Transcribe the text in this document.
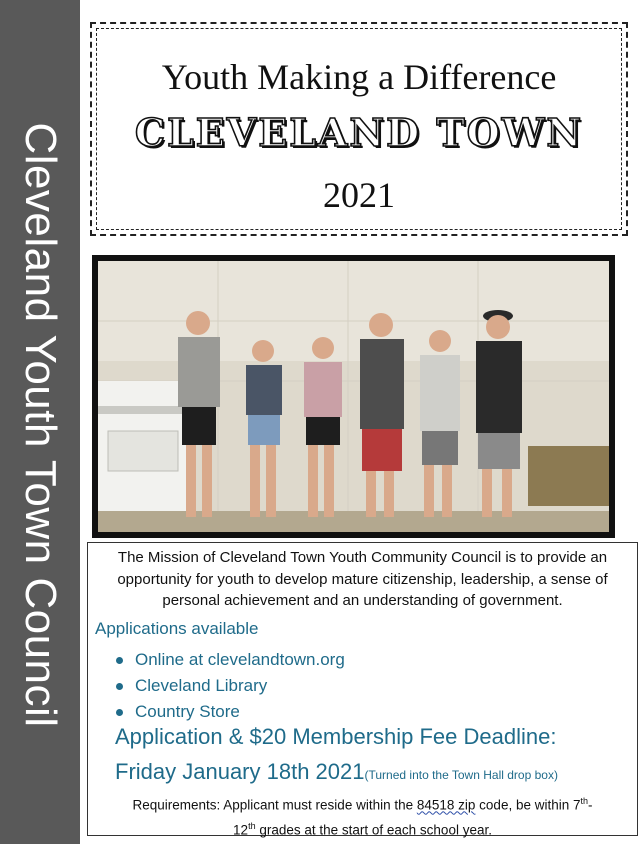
Cleveland Youth Town Council
Youth Making a Difference
CLEVELAND TOWN
2021
The Mission of Cleveland Town Youth Community Council is to provide an opportunity for youth to develop mature citizenship, leadership, a sense of personal achievement and an understanding of government.
Applications available
Online at clevelandtown.org
Cleveland Library
Country Store
Application & $20 Membership Fee Deadline:
Friday January 18th 2021(Turned into the Town Hall drop box)
Requirements: Applicant must reside within the 84518 zip code, be within 7th-
12th grades at the start of each school year.
